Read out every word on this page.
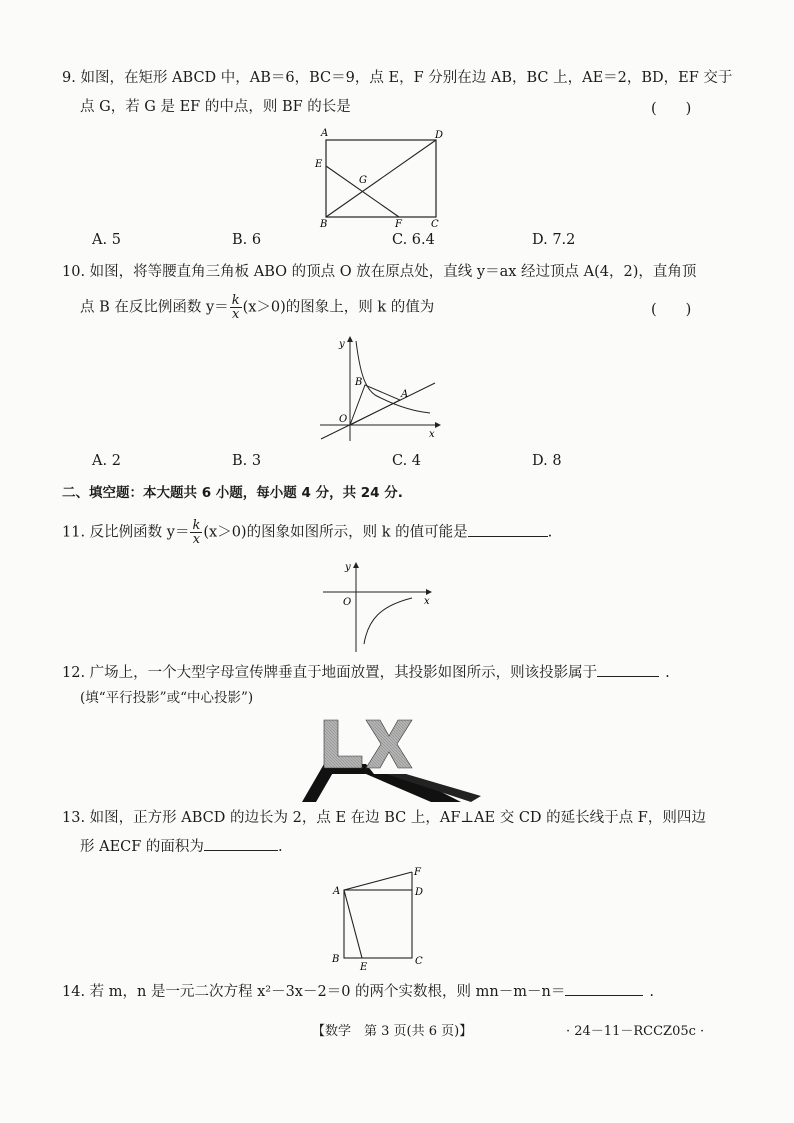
9. 如图，在矩形 ABCD 中，AB＝6，BC＝9，点 E，F 分别在边 AB，BC 上，AE＝2，BD，EF 交于
点 G，若 G 是 EF 的中点，则 BF 的长是	(　　)
A	D
E
G
B	F	C
A. 5	B. 6	C. 6.4	D. 7.2
10. 如图，将等腰直角三角板 ABO 的顶点 O 放在原点处，直线 y＝ax 经过顶点 A(4，2)，直角顶
点 B 在反比例函数 $y= \frac{k}{x} (x>0)$的图象上，则 k 的值为	(　　)
y
x
O
A
B
A. 2	B. 3	C. 4	D. 8
二、填空题：本大题共 6 小题，每小题 4 分，共 24 分.
11. 反比例函数 $y= \frac{k}{x} (x>0)$的图象如图所示，则 k 的值可能是	.
y
x
O
12. 广场上，一个大型字母宣传牌垂直于地面放置，其投影如图所示，则该投影属于	.
(填“平行投影”或“中心投影”)
13. 如图，正方形 ABCD 的边长为 2，点 E 在边 BC 上，AF⊥AE 交 CD 的延长线于点 F，则四边
形 AECF 的面积为	.
A	D
F
B
E
C
14. 若 m，n 是一元二次方程 x²－3x－2＝0 的两个实数根，则 mn－m－n＝	.
【数学　第 3 页(共 6 页)】	· 24－11－RCCZ05c ·
